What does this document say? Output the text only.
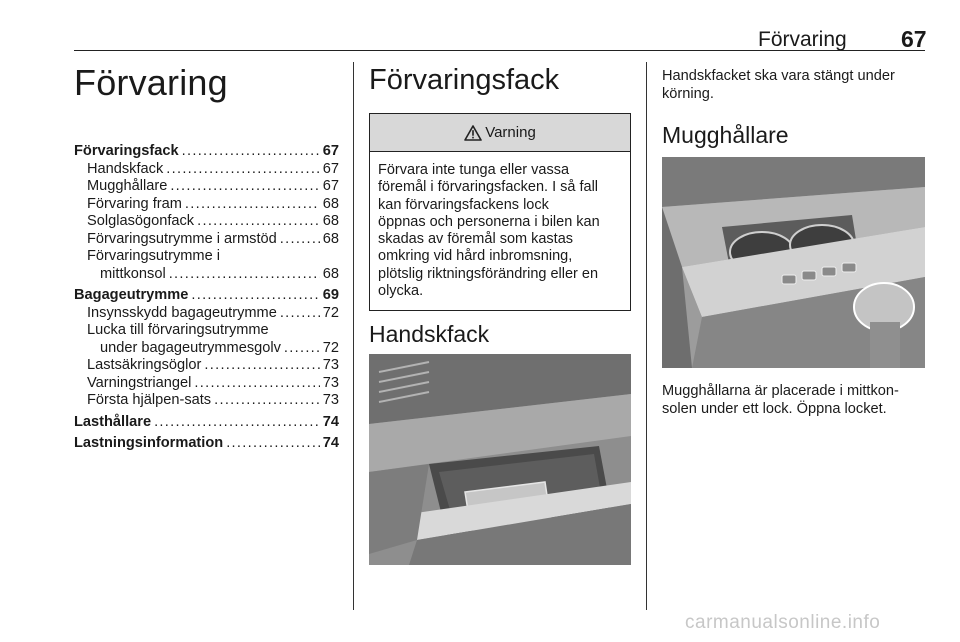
Förvaring 67
Förvaring
Förvaringsfack .....	67
Handskfack .....	67
Mugghållare .....	67
Förvaring fram .....	68
Solglasögonfack .....	68
Förvaringsutrymme i armstöd .....	68
Förvaringsutrymme i
mittkonsol .....	68
Bagageutrymme .....	69
Insynsskydd bagageutrymme .....	72
Lucka till förvaringsutrymme
under bagageutrymmesgolv .....	72
Lastsäkringsöglor .....	73
Varningstriangel .....	73
Första hjälpen-sats .....	73
Lasthållare .....	74
Lastningsinformation .....	74
Förvaringsfack
Varning
Förvara inte tunga eller vassa
föremål i förvaringsfacken. I så fall
kan förvaringsfackens lock
öppnas och personerna i bilen kan
skadas av föremål som kastas
omkring vid hård inbromsning,
plötslig riktningsförändring eller en
olycka.
Handskfack
Handskfacket ska vara stängt under
körning.
Mugghållare
Mugghållarna är placerade i mittkon-
solen under ett lock. Öppna locket.
carmanualsonline.info
